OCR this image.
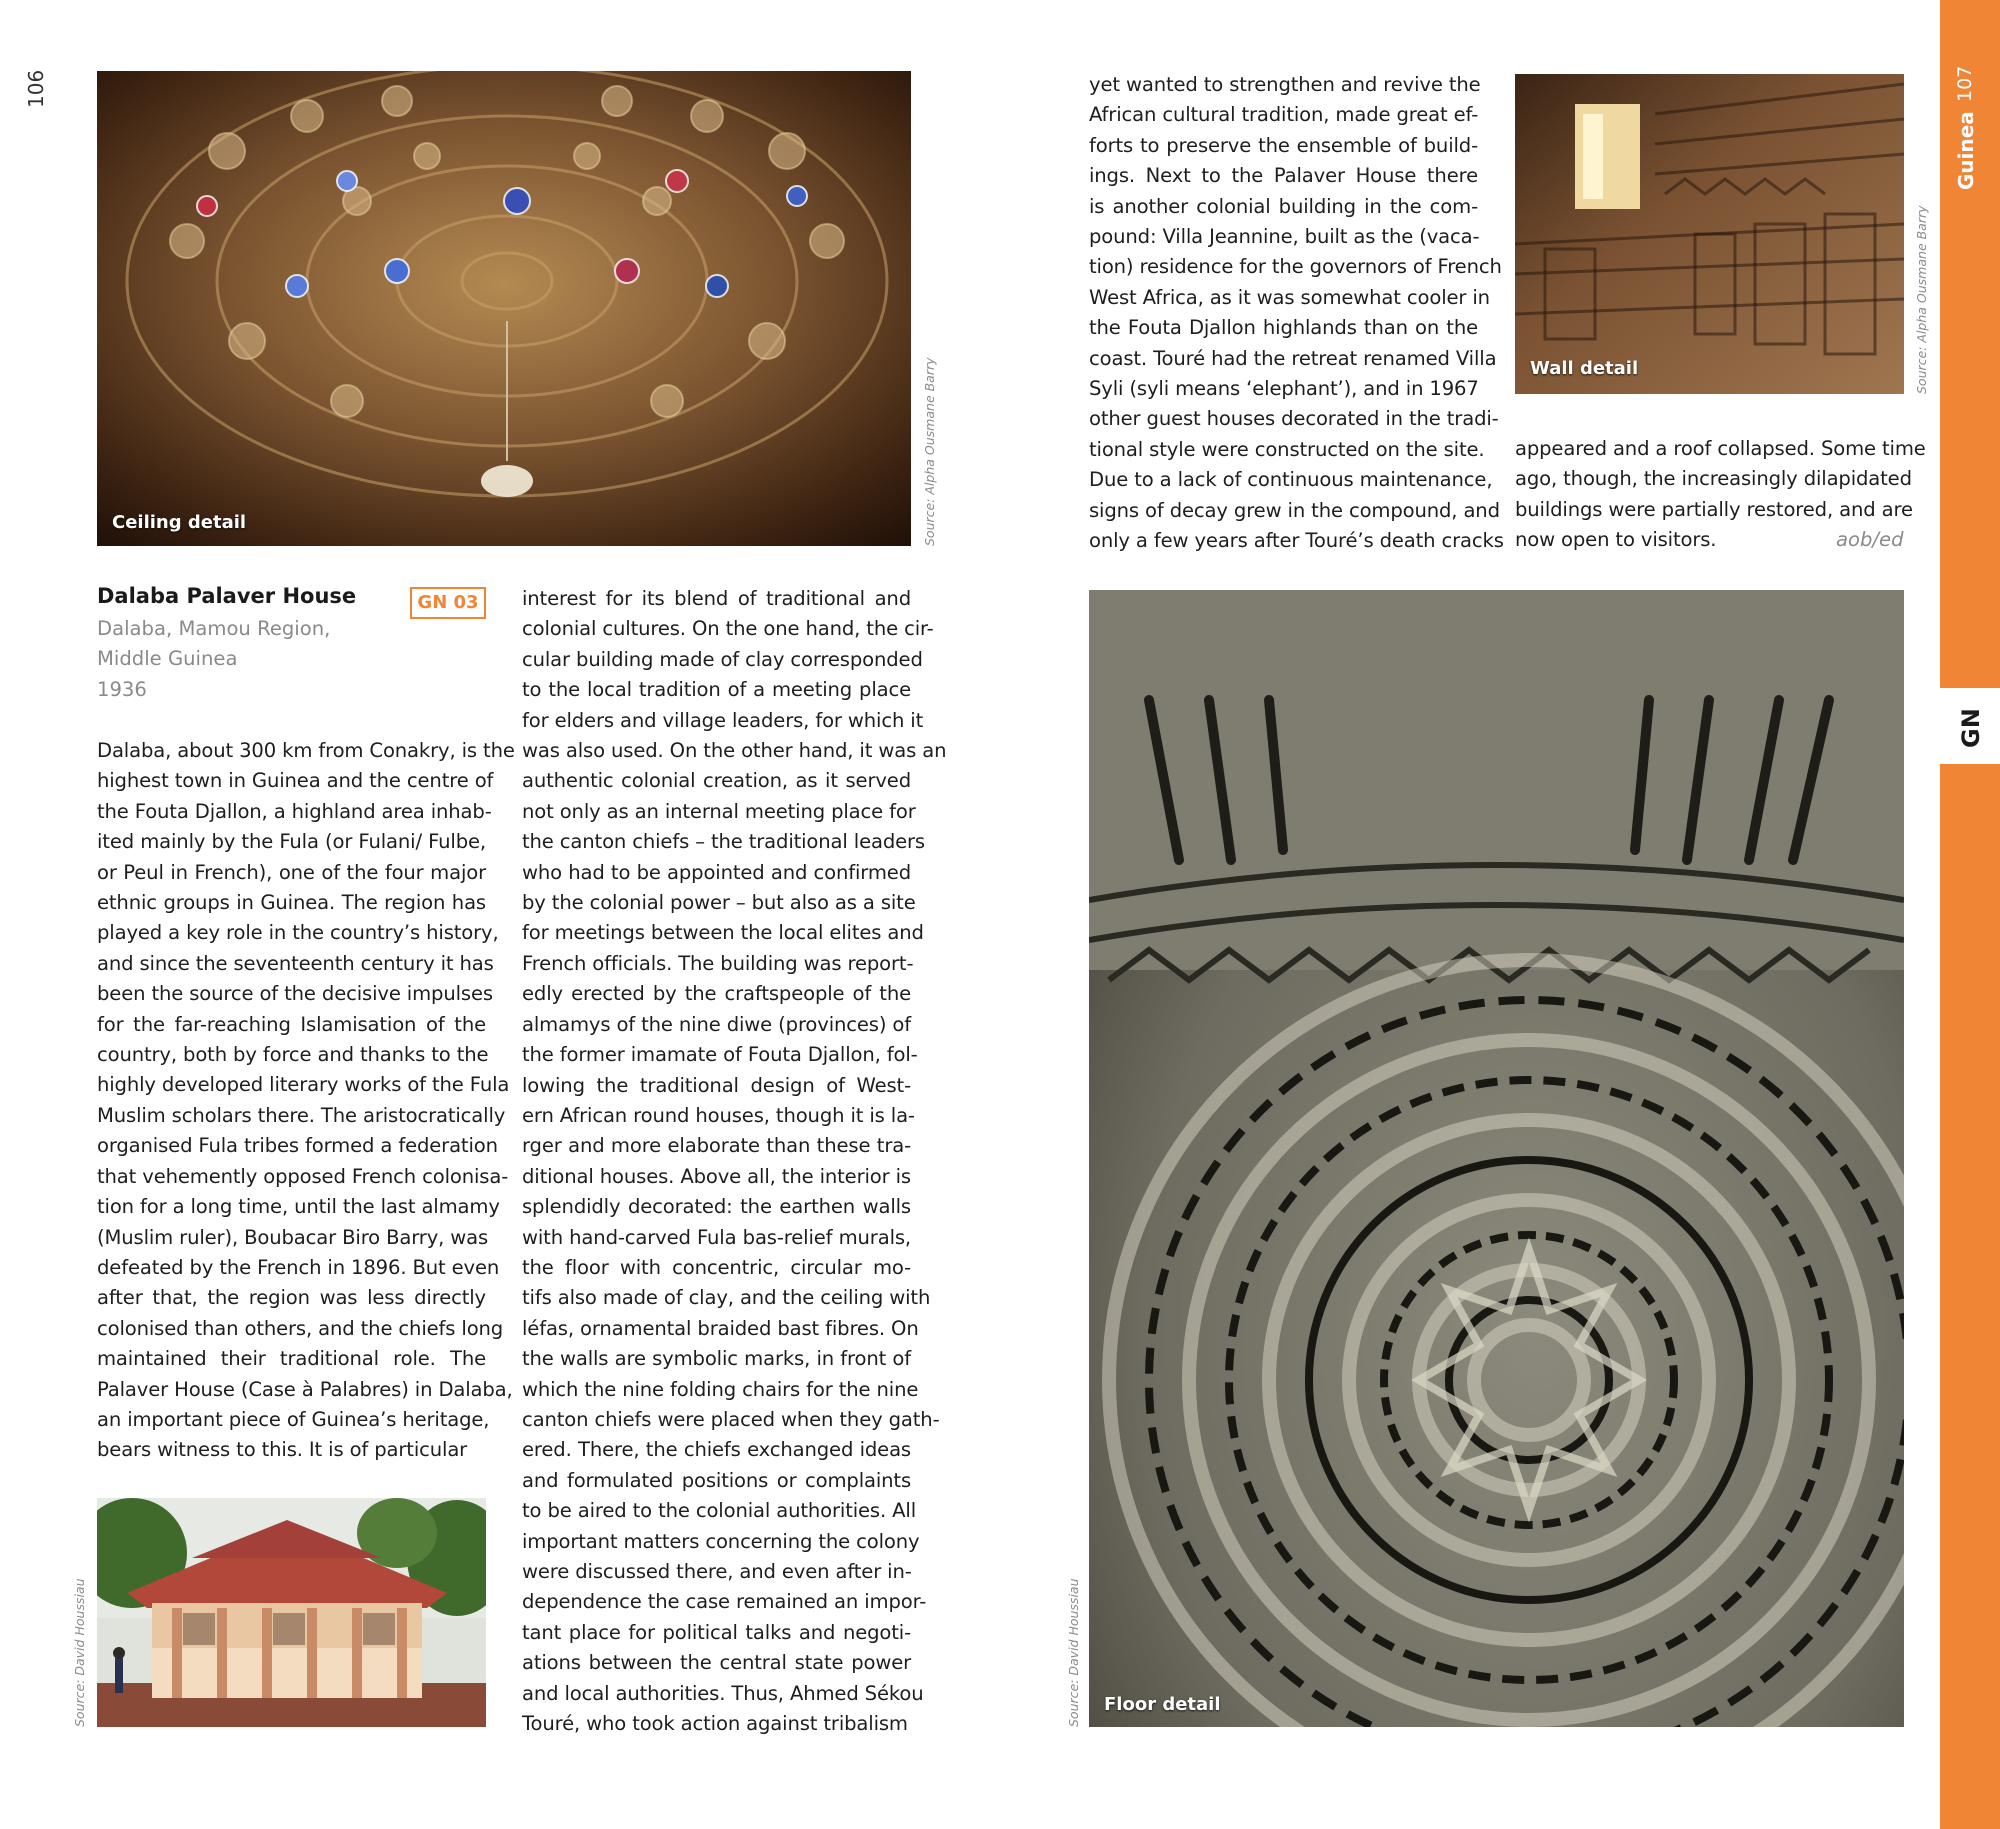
106
GN
Guinea
107
Ceiling detail	Source: Alpha Ousmane Barry
Dalaba Palaver House	GN 03
Dalaba, Mamou Region,
Middle Guinea
1936
Dalaba, about 300 km from Conakry, is the
highest town in Guinea and the centre of
the Fouta Djallon, a highland area inhab-
ited mainly by the Fula (or Fulani/ Fulbe,
or Peul in French), one of the four major
ethnic groups in Guinea. The region has
played a key role in the country’s history,
and since the seventeenth century it has
been the source of the decisive impulses
for the far-reaching Islamisation of the
country, both by force and thanks to the
highly developed literary works of the Fula
Muslim scholars there. The aristocratically
organised Fula tribes formed a federation
that vehemently opposed French colonisa-
tion for a long time, until the last almamy
(Muslim ruler), Boubacar Biro Barry, was
defeated by the French in 1896. But even
after that, the region was less directly
colonised than others, and the chiefs long
maintained their traditional role. The
Palaver House (Case à Palabres) in Dalaba,
an important piece of Guinea’s heritage,
bears witness to this. It is of particular
Source: David Houssiau
interest for its blend of traditional and
colonial cultures. On the one hand, the cir-
cular building made of clay corresponded
to the local tradition of a meeting place
for elders and village leaders, for which it
was also used. On the other hand, it was an
authentic colonial creation, as it served
not only as an internal meeting place for
the canton chiefs – the traditional leaders
who had to be appointed and confirmed
by the colonial power – but also as a site
for meetings between the local elites and
French officials. The building was report-
edly erected by the craftspeople of the
almamys of the nine diwe (provinces) of
the former imamate of Fouta Djallon, fol-
lowing the traditional design of West-
ern African round houses, though it is la-
rger and more elaborate than these tra-
ditional houses. Above all, the interior is
splendidly decorated: the earthen walls
with hand-carved Fula bas-relief murals,
the floor with concentric, circular mo-
tifs also made of clay, and the ceiling with
léfas, ornamental braided bast fibres. On
the walls are symbolic marks, in front of
which the nine folding chairs for the nine
canton chiefs were placed when they gath-
ered. There, the chiefs exchanged ideas
and formulated positions or complaints
to be aired to the colonial authorities. All
important matters concerning the colony
were discussed there, and even after in-
dependence the case remained an impor-
tant place for political talks and negoti-
ations between the central state power
and local authorities. Thus, Ahmed Sékou
Touré, who took action against tribalism
yet wanted to strengthen and revive the
African cultural tradition, made great ef-
forts to preserve the ensemble of build-
ings. Next to the Palaver House there
is another colonial building in the com-
pound: Villa Jeannine, built as the (vaca-
tion) residence for the governors of French
West Africa, as it was somewhat cooler in
the Fouta Djallon highlands than on the
coast. Touré had the retreat renamed Villa
Syli (syli means ‘elephant’), and in 1967
other guest houses decorated in the tradi-
tional style were constructed on the site.
Due to a lack of continuous maintenance,
signs of decay grew in the compound, and
only a few years after Touré’s death cracks
Wall detail	Source: Alpha Ousmane Barry
appeared and a roof collapsed. Some time
ago, though, the increasingly dilapidated
buildings were partially restored, and are
now open to visitors.	aob/ed
Floor detail
Source: David Houssiau
